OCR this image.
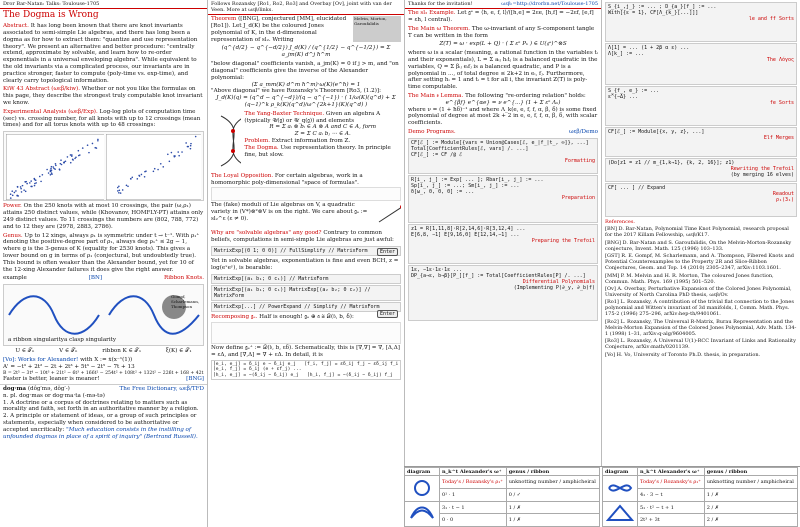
Dror Bar-Natan: Talks: Toulouse-1705
The Dogma is Wrong
Abstract. It has long been known that there are knot invariants associated to semi-simple Lie algebras, and there has long been a dogma as for how to extract them: "quantize and use representation theory". We present an alternative and better procedure: "centrally extend, approximate by solvable, and learn how to re-order exponentials in a universal enveloping algebra". While equivalent to the old invariants via a complicated process, our invariants are in practice stronger, faster to compute (poly-time vs. exp-time), and clearly carry topological information.
KiW 43 Abstract (ωεβ/kiw). Whether or not you like the formulas on this page, they describe the strongest truly computable knot invariant we know.
Experimental Analysis (ωεβ/Exp). Log-log plots of computation time (sec) vs. crossing number, for all knots with up to 12 crossings (mean times) and for all torus knots with up to 48 crossings:
Power. On the 250 knots with at most 10 crossings, the pair (ω,ρ₁) attains 250 distinct values, while (Khovanov, HOMFLY-PT) attains only 249 distinct values. To 11 crossings the numbers are (802, 788, 772) and to 12 they are (2978, 2883, 2786).
Genus. Up to 12 xings, always ρ₁ is symmetric under t → t⁻¹. With ρ₁⁺ denoting the positive-degree part of ρ₁, always deg ρ₁⁺ ≤ 2g − 1, where g is the 3-genus of K (equality for 2530 knots). This gives a lower bound on g in terms of ρ₁ (conjectural, but undoubtedly true). This bound is often weaker than the Alexander bound, yet for 10 of the 12-xing Alexander failures it does give the right answer.
example	[BN]	Ribbon Knots.
a ribbon singularity a clasp singularity
Gompf, Scharlemann, Thompson
U ∈ 𝒯ₙ	V ∈ 𝒯ₙ	ribbon K ∈ 𝒯₁	ξ(K) ∈ 𝒯₁
[Vo]: Works for Alexander! with X := ẋ(x⁻¹(1))
A' = −t³ + 2t² − 2t + 2t³ + 5t³ − 2t⁵ − 7t + 13
B = 2t⁵ − 3t⁴ − 10t³ + 21t² − 6t³ + 166t² − 254t² + 108t² + 132t² − 226t + 168 + 42t
Faster is better, leaner is meaner!	[BNG]
dog·ma (dôg′mə, dŏg′-)	The Free Dictionary, ωεβ/TFD
n. pl. dog·mas or dog·ma·ta (-mə-tə)
1. A doctrine or a corpus of doctrines relating to matters such as morality and faith, set forth in an authoritative manner by a religion.
2. A principle or statement of ideas, or a group of such principles or statements, especially when considered to be authoritative or accepted uncritically: "Much education consists in the instilling of unfounded dogmas in place of a spirit of inquiry" (Bertrand Russell).
Follows Rozansky [Ro1, Ro2, Ro3] and Overbay [Ov], joint with van der Veen. More at ωεβ/links.
Melvin, Morton, Garoufalidis
Theorem ([BNG], conjectured [MM], elucidated [Ro1]). Let J_d(K) be the coloured Jones polynomial of K, in the d-dimensional representation of sl₂. Writing
(q^{d/2} − q^{−d/2}) J_d(K) / (q^{1/2} − q^{−1/2}) = Σ a_jm(K) d^j ħ^m
"below diagonal" coefficients vanish, a_jm(K) = 0 if j > m, and "on diagonal" coefficients give the inverse of the Alexander polynomial:
(Σ a_mm(K) d^m ħ^m)·ω(K)(e^ħ) = 1
"Above diagonal" we have Rozansky's Theorem [Ro3, (1.2)]:
J_d(K)(q) = (q^d − q^{−d})/(q − q^{−1}) · ( 1/ω(K)(q^d) + Σ (q−1)^k ρ_k(K)(q^d)/ω^{2k+1}(K)(q^d) )
The Yang-Baxter Technique. Given an algebra A (typically 𝒰(𝔤) or 𝒰_q(𝔤)) and elements
R = Σ aᵢ ⊗ bᵢ ∈ A ⊗ A and C ∈ A, form
Z = Σ C aᵢ bⱼ ⋯ ∈ A.
Problem. Extract information from Z.
The Dogma. Use representation theory. In principle fine, but slow.
The Loyal Opposition. For certain algebras, work in a homomorphic poly-dimensional "space of formulas".
The (fake) moduli of Lie algebras on V, a quadratic variety in (V*)⊗²⊗V is on the right. We care about 𝔤ₑ := sl₂^ε (ε ≠ 0).
Why are "solvable algebras" any good? Contrary to common beliefs, computations in semi-simple Lie algebras are just awful:
MatrixExp[(0 1; 0 0)] // FullSimplify // MatrixForm	Enter
Yet in solvable algebras, exponentiation is fine and even BCH, z = log(eˣeʸ), is bearable:
MatrixExp[(a₁ b₁; 0 c₁)] // MatrixForm
MatrixExp[(a₁ b₁; 0 c₁)] MatrixExp[(a₂ b₂; 0 c₂)] // MatrixForm
MatrixExp[...] // PowerExpand // Simplify // MatrixForm
Enter
Recomposing 𝔤ₑ. Half is enough! 𝔤ₑ ⊕ 𝔞 ≅ 𝒟(𝔟, b, δ):
Now define 𝔤ₑ⁺ := 𝒟(𝔟, b, εδ). Schematically, this is [∇,∇] = ∇, [Δ,Δ] = εΔ, and [∇,Δ] = ∇ + εΔ. In detail, it is
[e_i, e_j] = δ_ij e − δ_ij e_j   [f_i, f_j] = εδ_ij f_j − εδ_ij f_i
[e_i, f_j] = δ_ij (e + εf_j) ...
[h_i, e_j] = −(δ_ij − δ_ij) e_j   [h_i, f_j] = −(δ_ij − δ_ij) f_j
Thanks for the invitation!	ωεβ:=http://drorbn.net/Toulouse-1705
The sl₂ Example. Let 𝔤ᵉ = ⟨h, e, f, l⟩/([h,e] = 2εe, [h,f] = −2εf, [e,f] = εh, l central).
The Main ω Theorem. The ω-invariant of any S-component tangle T can be written in the form
Z(T) = ω · exp(L + Q) · ( Σ εᵏ Pₖ ) ∈ U(𝔤ᵉ)^⊗S
where ω is a scalar (meaning, a rational function in the variables tᵢ and their exponentials), L = Σ aᵢⱼ hᵢtⱼ is a balanced quadratic in the variables, Q = Σ βᵢⱼ eᵢfⱼ is a balanced quadratic, and P is a polynomial in ..., of total degree ≤ 2k+2 in eᵢ, fⱼ. Furthermore, after setting hᵢ = 1 and tᵢ = t for all i, the invariant Z(T) is poly-time computable.
The Main 𝔰 Lemma. The following "re-ordering relation" holds:
e^{βf} e^{αe} = ν e^{...} (1 + Σ εᵏ Λₖ)
where ν = (1 + ħδ)⁻¹ and where Λ_k(e, e, f, f, α, β, δ) is some fixed polynomial of degree at most 2k + 2 in e, e, f, f, α, β, δ, with scalar coefficients.
Demo Programs.	ωεβ/Demo
CF[ℰ_] := Module[{vars = Union@Cases[ℰ, e_|f_|t_, ∞]}, ...]
Total[CoefficientRules[ℰ, vars] /. ...]
CF[ℰ_] := CF /@ ℰ
Formatting
R[i_, j_] := Exp[ ... ]; Rbar[i_, j_] := ...
Sp[i_, j_] := ...; Sm[i_, j_] := ...
δ[ω_, 0, 0, 0] := ...
Preparation
z1 = R[1,11,8]·R[2,14,6]·R[3,12,4] ...
E[6,8, −1] E[9,16,0] E[12,14,−1] ...
Preparing the Trefoil
1ε, −1ε·1ε·1ε ...
DP_{a→ε, b→β}[P_][f_] := Total[CoefficientRules[P] /. ...]
Differential Polynomials
(Implementing P(∂_y, ∂_b)f)
S_{i_,j_} := ... ; D_{a_}[f_] := ...
With[{ε = 1}, CF[Λ_{k_}[...]]]
le and ff Sorts
Λ[1] = ... (1 + 2β α ε) ...
Λ[k_] := ...
The Λόγος
S_{f_, e_} := ...
ε^{−Δ} ...
fe Sorts
CF[ℰ_] := Module[{x, y, z}, ...]
Elf Merges
(Do[z1 = z1 // m_{1,k→1}, {k, 2, 16}]; z1)
Rewriting the Trefoil
(by merging 16 elves)
CF[ ... ] // Expand
Readout
ρ₁(3₁)
References.
[BN] D. Bar-Natan, Polynomial Time Knot Polynomial, research proposal for the 2017 Killam Fellowship, ωεβ/K17.
[BNG] D. Bar-Natan and S. Garoufalidis, On the Melvin-Morton-Rozansky conjecture, Invent. Math. 125 (1996) 103–133.
[GST] R. E. Gompf, M. Scharlemann, and A. Thompson, Fibered Knots and Potential Counterexamples to the Property 2R and Slice-Ribbon Conjectures, Geom. and Top. 14 (2010) 2305–2347, arXiv:1103.1601.
[MM] P. M. Melvin and H. R. Morton, The coloured Jones function, Commun. Math. Phys. 169 (1995) 501–520.
[Ov] A. Overbay, Perturbative Expansion of the Colored Jones Polynomial, University of North Carolina PhD thesis, ωεβ/Ov.
[Ro1] L. Rozansky, A contribution of the trivial flat connection to the Jones polynomial and Witten's invariant of 3d manifolds, I, Comm. Math. Phys. 175-2 (1996) 275–296, arXiv:hep-th/9401061.
[Ro2] L. Rozansky, The Universal R-Matrix, Burau Representation and the Melvin-Morton Expansion of the Colored Jones Polynomial, Adv. Math. 134-1 (1998) 1–31, arXiv:q-alg/9604005.
[Ro3] L. Rozansky, A Universal U(1)-RCC Invariant of Links and Rationality Conjecture, arXiv:math/0201139.
[Vo] H. Vo, University of Toronto Ph.D. thesis, in preparation.
diagram	n_k^t Alexander's ω⁺	genus / ribbon
	Today's / Rozansky's ρ₁⁺	unknotting number / amphicheiral
	0¹ · 1	0 / ✓
	3₁ · t − 1	1 / ✗
	0 · 0	1 / ✗
diagram	n_k^t Alexander's ω⁺	genus / ribbon
	Today's / Rozansky's ρ₁⁺	unknotting number / amphicheiral
	4₁ · 3 − t	1 / ✗
	5₁ · t² − t + 1	2 / ✗
	2t³ + 3t	2 / ✗
